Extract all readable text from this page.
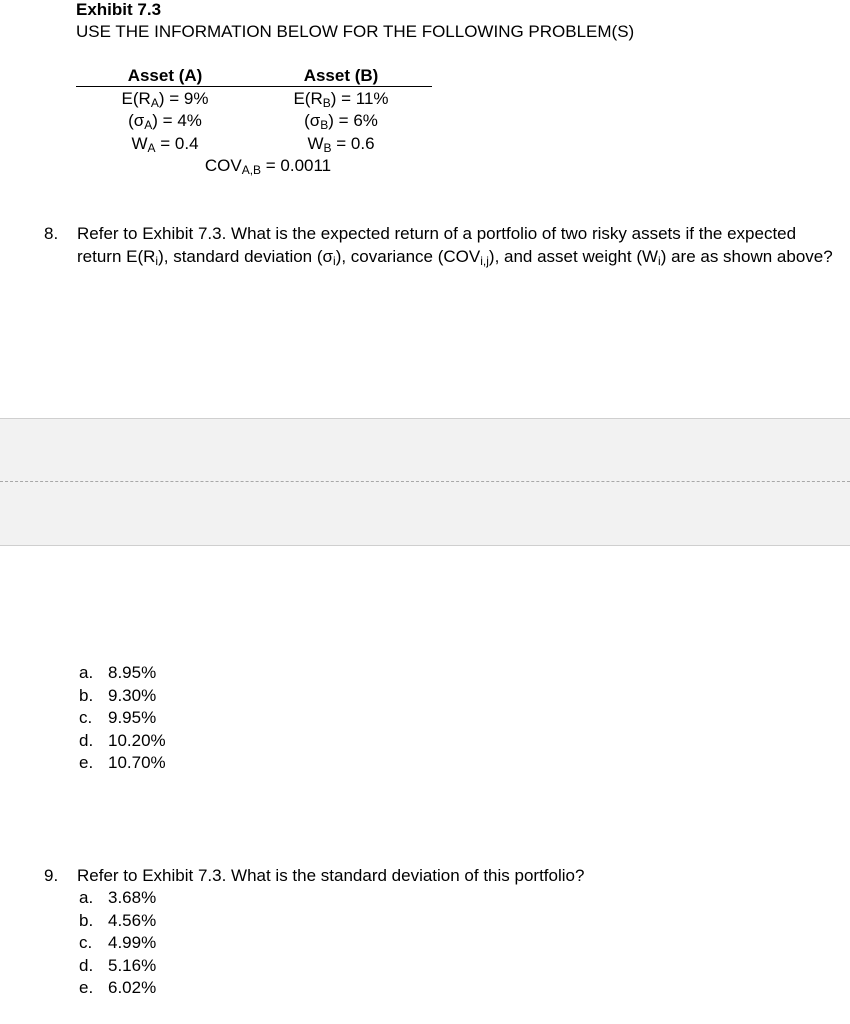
Exhibit 7.3
USE THE INFORMATION BELOW FOR THE FOLLOWING PROBLEM(S)
Asset (A)
$E(R_A) = 9\%$
$(\sigma_A) = 4\%$
$W_A = 0.4$
Asset (B)
$E(R_B) = 11\%$
$(\sigma_B) = 6\%$
$W_B = 0.6$
$COV_{A,B} = 0.0011$
8. Refer to Exhibit 7.3. What is the expected return of a portfolio of two risky assets if the expected return $E(R_i)$, standard deviation $(\sigma_i)$, covariance $(COV_{i,j})$, and asset weight $(W_i)$ are as shown above?
a. 8.95%
b. 9.30%
c. 9.95%
d. 10.20%
e. 10.70%
9. Refer to Exhibit 7.3. What is the standard deviation of this portfolio?
a. 3.68%
b. 4.56%
c. 4.99%
d. 5.16%
e. 6.02%
